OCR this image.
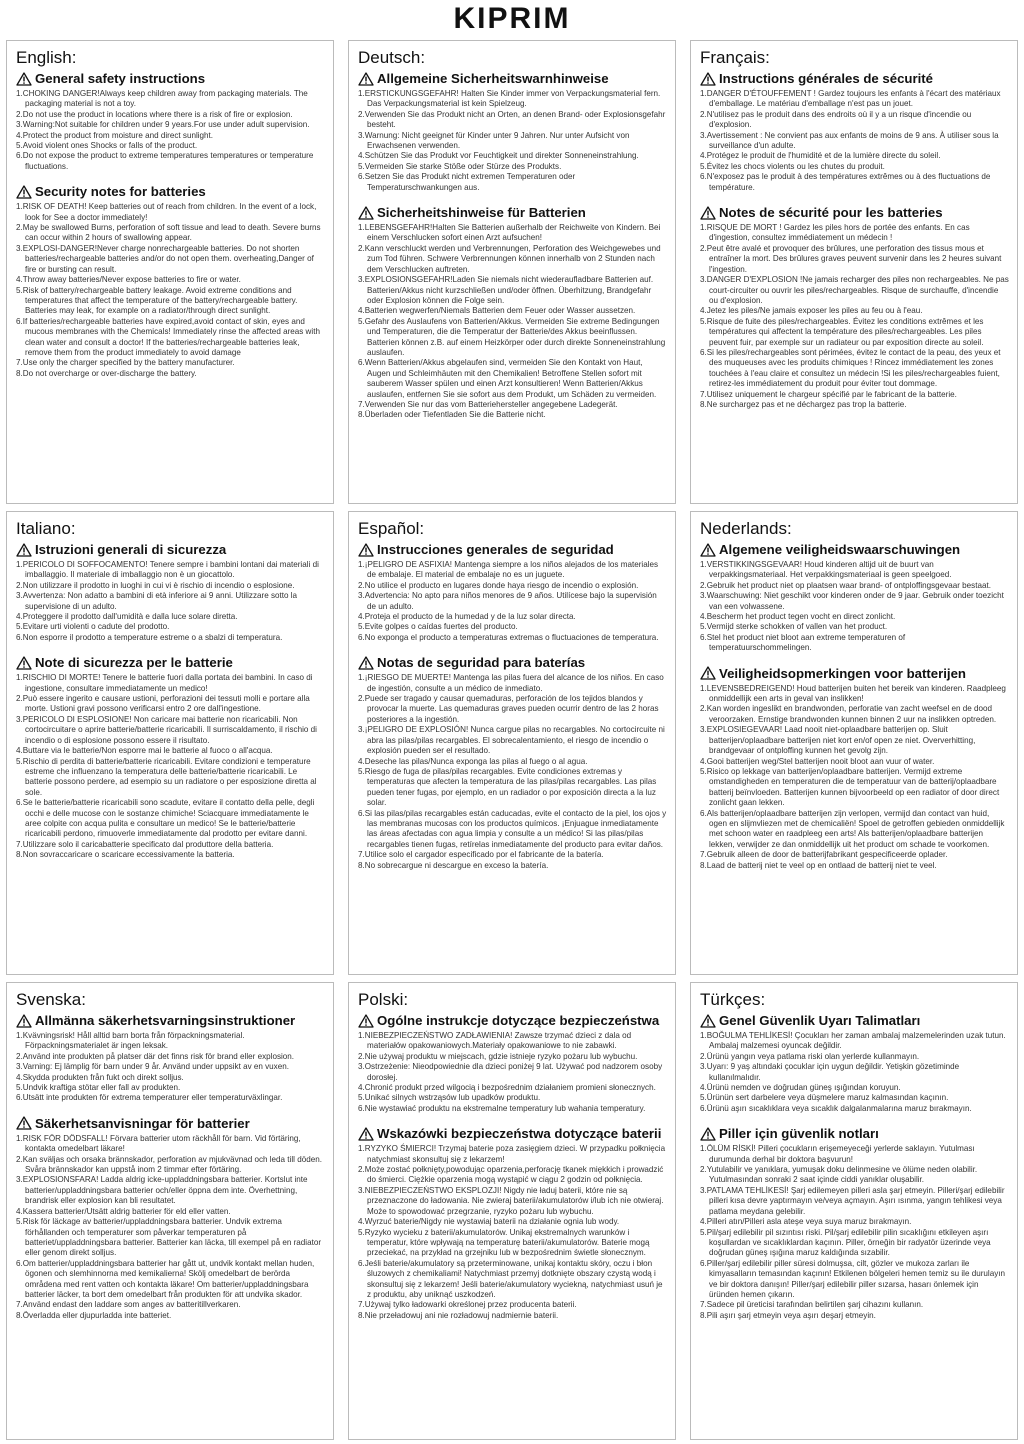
KIPRIM
English:
General safety instructions
1.CHOKING DANGER!Always keep children away from packaging materials. The packaging material is not a toy.
2.Do not use the product in locations where there is a risk of fire or explosion.
3.Warning:Not suitable for children under 9 years.For use under adult supervision.
4.Protect the product from moisture and direct sunlight.
5.Avoid violent ones Shocks or falls of the product.
6.Do not expose the product to extreme temperatures temperatures or temperature fluctuations.
Security notes for batteries
1.RISK OF DEATH! Keep batteries out of reach from children. In the event of a lock, look for See a doctor immediately!
2.May be swallowed Burns, perforation of soft tissue and lead to death. Severe burns can occur within 2 hours of swallowing appear.
3.EXPLOSI-DANGER!Never charge nonrechargeable batteries. Do not shorten batteries/rechargeable batteries and/or do not open them. overheating,Danger of fire or bursting can result.
4.Throw away batteries/Never expose batteries to fire or water.
5.Risk of battery/rechargeable battery leakage. Avoid extreme conditions and temperatures that affect the temperature of the battery/rechargeable battery. Batteries may leak, for example on a radiator/through direct sunlight.
6.If batteries/rechargeable batteries have expired,avoid contact of skin, eyes and mucous membranes with the Chemicals! Immediately rinse the affected areas with clean water and consult a doctor! If the batteries/rechargeable batteries leak, remove them from the product immediately to avoid damage
7.Use only the charger specified by the battery manufacturer.
8.Do not overcharge or over-discharge the battery.
Deutsch:
Allgemeine Sicherheitswarnhinweise
1.ERSTICKUNGSGEFAHR! Halten Sie Kinder immer von Verpackungsmaterial fern. Das Verpackungsmaterial ist kein Spielzeug.
2.Verwenden Sie das Produkt nicht an Orten, an denen Brand- oder Explosionsgefahr besteht.
3.Warnung: Nicht geeignet für Kinder unter 9 Jahren. Nur unter Aufsicht von Erwachsenen verwenden.
4.Schützen Sie das Produkt vor Feuchtigkeit und direkter Sonneneinstrahlung.
5.Vermeiden Sie starke Stöße oder Stürze des Produkts.
6.Setzen Sie das Produkt nicht extremen Temperaturen oder Temperaturschwankungen aus.
Sicherheitshinweise für Batterien
1.LEBENSGEFAHR!Halten Sie Batterien außerhalb der Reichweite von Kindern. Bei einem Verschlucken sofort einen Arzt aufsuchen!
2.Kann verschluckt werden und Verbrennungen, Perforation des Weichgewebes und zum Tod führen. Schwere Verbrennungen können innerhalb von 2 Stunden nach dem Verschlucken auftreten.
3.EXPLOSIONSGEFAHR!Laden Sie niemals nicht wiederaufladbare Batterien auf. Batterien/Akkus nicht kurzschließen und/oder öffnen. Überhitzung, Brandgefahr oder Explosion können die Folge sein.
4.Batterien wegwerfen/Niemals Batterien dem Feuer oder Wasser aussetzen.
5.Gefahr des Auslaufens von Batterien/Akkus. Vermeiden Sie extreme Bedingungen und Temperaturen, die die Temperatur der Batterie/des Akkus beeinflussen. Batterien können z.B. auf einem Heizkörper oder durch direkte Sonneneinstrahlung auslaufen.
6.Wenn Batterien/Akkus abgelaufen sind, vermeiden Sie den Kontakt von Haut, Augen und Schleimhäuten mit den Chemikalien! Betroffene Stellen sofort mit sauberem Wasser spülen und einen Arzt konsultieren! Wenn Batterien/Akkus auslaufen, entfernen Sie sie sofort aus dem Produkt, um Schäden zu vermeiden.
7.Verwenden Sie nur das vom Batteriehersteller angegebene Ladegerät.
8.Überladen oder Tiefentladen Sie die Batterie nicht.
Français:
Instructions générales de sécurité
1.DANGER D'ÉTOUFFEMENT ! Gardez toujours les enfants à l'écart des matériaux d'emballage. Le matériau d'emballage n'est pas un jouet.
2.N'utilisez pas le produit dans des endroits où il y a un risque d'incendie ou d'explosion.
3.Avertissement : Ne convient pas aux enfants de moins de 9 ans. À utiliser sous la surveillance d'un adulte.
4.Protégez le produit de l'humidité et de la lumière directe du soleil.
5.Évitez les chocs violents ou les chutes du produit.
6.N'exposez pas le produit à des températures extrêmes ou à des fluctuations de température.
Notes de sécurité pour les batteries
1.RISQUE DE MORT ! Gardez les piles hors de portée des enfants. En cas d'ingestion, consultez immédiatement un médecin !
2.Peut être avalé et provoquer des brûlures, une perforation des tissus mous et entraîner la mort. Des brûlures graves peuvent survenir dans les 2 heures suivant l'ingestion.
3.DANGER D'EXPLOSION !Ne jamais recharger des piles non rechargeables. Ne pas court-circuiter ou ouvrir les piles/rechargeables. Risque de surchauffe, d'incendie ou d'explosion.
4.Jetez les piles/Ne jamais exposer les piles au feu ou à l'eau.
5.Risque de fuite des piles/rechargeables. Évitez les conditions extrêmes et les températures qui affectent la température des piles/rechargeables. Les piles peuvent fuir, par exemple sur un radiateur ou par exposition directe au soleil.
6.Si les piles/rechargeables sont périmées, évitez le contact de la peau, des yeux et des muqueuses avec les produits chimiques ! Rincez immédiatement les zones touchées à l'eau claire et consultez un médecin !Si les piles/rechargeables fuient, retirez-les immédiatement du produit pour éviter tout dommage.
7.Utilisez uniquement le chargeur spécifié par le fabricant de la batterie.
8.Ne surchargez pas et ne déchargez pas trop la batterie.
Italiano:
Istruzioni generali di sicurezza
1.PERICOLO DI SOFFOCAMENTO! Tenere sempre i bambini lontani dai materiali di imballaggio. Il materiale di imballaggio non è un giocattolo.
2.Non utilizzare il prodotto in luoghi in cui vi è rischio di incendio o esplosione.
3.Avvertenza: Non adatto a bambini di età inferiore ai 9 anni. Utilizzare sotto la supervisione di un adulto.
4.Proteggere il prodotto dall'umidità e dalla luce solare diretta.
5.Evitare urti violenti o cadute del prodotto.
6.Non esporre il prodotto a temperature estreme o a sbalzi di temperatura.
Note di sicurezza per le batterie
1.RISCHIO DI MORTE! Tenere le batterie fuori dalla portata dei bambini. In caso di ingestione, consultare immediatamente un medico!
2.Può essere ingerito e causare ustioni, perforazioni dei tessuti molli e portare alla morte. Ustioni gravi possono verificarsi entro 2 ore dall'ingestione.
3.PERICOLO DI ESPLOSIONE! Non caricare mai batterie non ricaricabili. Non cortocircuitare o aprire batterie/batterie ricaricabili. Il surriscaldamento, il rischio di incendio o di esplosione possono essere il risultato.
4.Buttare via le batterie/Non esporre mai le batterie al fuoco o all'acqua.
5.Rischio di perdita di batterie/batterie ricaricabili. Evitare condizioni e temperature estreme che influenzano la temperatura delle batterie/batterie ricaricabili. Le batterie possono perdere, ad esempio su un radiatore o per esposizione diretta al sole.
6.Se le batterie/batterie ricaricabili sono scadute, evitare il contatto della pelle, degli occhi e delle mucose con le sostanze chimiche! Sciacquare immediatamente le aree colpite con acqua pulita e consultare un medico! Se le batterie/batterie ricaricabili perdono, rimuoverle immediatamente dal prodotto per evitare danni.
7.Utilizzare solo il caricabatterie specificato dal produttore della batteria.
8.Non sovraccaricare o scaricare eccessivamente la batteria.
Español:
Instrucciones generales de seguridad
1.¡PELIGRO DE ASFIXIA! Mantenga siempre a los niños alejados de los materiales de embalaje. El material de embalaje no es un juguete.
2.No utilice el producto en lugares donde haya riesgo de incendio o explosión.
3.Advertencia: No apto para niños menores de 9 años. Utilícese bajo la supervisión de un adulto.
4.Proteja el producto de la humedad y de la luz solar directa.
5.Evite golpes o caídas fuertes del producto.
6.No exponga el producto a temperaturas extremas o fluctuaciones de temperatura.
Notas de seguridad para baterías
1.¡RIESGO DE MUERTE! Mantenga las pilas fuera del alcance de los niños. En caso de ingestión, consulte a un médico de inmediato.
2.Puede ser tragado y causar quemaduras, perforación de los tejidos blandos y provocar la muerte. Las quemaduras graves pueden ocurrir dentro de las 2 horas posteriores a la ingestión.
3.¡PELIGRO DE EXPLOSIÓN! Nunca cargue pilas no recargables. No cortocircuite ni abra las pilas/pilas recargables. El sobrecalentamiento, el riesgo de incendio o explosión pueden ser el resultado.
4.Deseche las pilas/Nunca exponga las pilas al fuego o al agua.
5.Riesgo de fuga de pilas/pilas recargables. Evite condiciones extremas y temperaturas que afecten la temperatura de las pilas/pilas recargables. Las pilas pueden tener fugas, por ejemplo, en un radiador o por exposición directa a la luz solar.
6.Si las pilas/pilas recargables están caducadas, evite el contacto de la piel, los ojos y las membranas mucosas con los productos químicos. ¡Enjuague inmediatamente las áreas afectadas con agua limpia y consulte a un médico! Si las pilas/pilas recargables tienen fugas, retírelas inmediatamente del producto para evitar daños.
7.Utilice solo el cargador especificado por el fabricante de la batería.
8.No sobrecargue ni descargue en exceso la batería.
Nederlands:
Algemene veiligheidswaarschuwingen
1.VERSTIKKINGSGEVAAR! Houd kinderen altijd uit de buurt van verpakkingsmateriaal. Het verpakkingsmateriaal is geen speelgoed.
2.Gebruik het product niet op plaatsen waar brand- of ontploffingsgevaar bestaat.
3.Waarschuwing: Niet geschikt voor kinderen onder de 9 jaar. Gebruik onder toezicht van een volwassene.
4.Bescherm het product tegen vocht en direct zonlicht.
5.Vermijd sterke schokken of vallen van het product.
6.Stel het product niet bloot aan extreme temperaturen of temperatuurschommelingen.
Veiligheidsopmerkingen voor batterijen
1.LEVENSBEDREIGEND! Houd batterijen buiten het bereik van kinderen. Raadpleeg onmiddellijk een arts in geval van inslikken!
2.Kan worden ingeslikt en brandwonden, perforatie van zacht weefsel en de dood veroorzaken. Ernstige brandwonden kunnen binnen 2 uur na inslikken optreden.
3.EXPLOSIEGEVAAR! Laad nooit niet-oplaadbare batterijen op. Sluit batterijen/oplaadbare batterijen niet kort en/of open ze niet. Oververhitting, brandgevaar of ontploffing kunnen het gevolg zijn.
4.Gooi batterijen weg/Stel batterijen nooit bloot aan vuur of water.
5.Risico op lekkage van batterijen/oplaadbare batterijen. Vermijd extreme omstandigheden en temperaturen die de temperatuur van de batterij/oplaadbare batterij beïnvloeden. Batterijen kunnen bijvoorbeeld op een radiator of door direct zonlicht gaan lekken.
6.Als batterijen/oplaadbare batterijen zijn verlopen, vermijd dan contact van huid, ogen en slijmvliezen met de chemicaliën! Spoel de getroffen gebieden onmiddellijk met schoon water en raadpleeg een arts! Als batterijen/oplaadbare batterijen lekken, verwijder ze dan onmiddellijk uit het product om schade te voorkomen.
7.Gebruik alleen de door de batterijfabrikant gespecificeerde oplader.
8.Laad de batterij niet te veel op en ontlaad de batterij niet te veel.
Svenska:
Allmänna säkerhetsvarningsinstruktioner
1.Kvävningsrisk! Håll alltid barn borta från förpackningsmaterial. Förpackningsmaterialet är ingen leksak.
2.Använd inte produkten på platser där det finns risk för brand eller explosion.
3.Varning: Ej lämplig för barn under 9 år. Använd under uppsikt av en vuxen.
4.Skydda produkten från fukt och direkt solljus.
5.Undvik kraftiga stötar eller fall av produkten.
6.Utsätt inte produkten för extrema temperaturer eller temperaturväxlingar.
Säkerhetsanvisningar för batterier
1.RISK FÖR DÖDSFALL! Förvara batterier utom räckhåll för barn. Vid förtäring, kontakta omedelbart läkare!
2.Kan sväljas och orsaka brännskador, perforation av mjukvävnad och leda till döden. Svåra brännskador kan uppstå inom 2 timmar efter förtäring.
3.EXPLOSIONSFARA! Ladda aldrig icke-uppladdningsbara batterier. Kortslut inte batterier/uppladdningsbara batterier och/eller öppna dem inte. Överhettning, brandrisk eller explosion kan bli resultatet.
4.Kassera batterier/Utsätt aldrig batterier för eld eller vatten.
5.Risk för läckage av batterier/uppladdningsbara batterier. Undvik extrema förhållanden och temperaturer som påverkar temperaturen på batteriet/uppladdningsbara batterier. Batterier kan läcka, till exempel på en radiator eller genom direkt solljus.
6.Om batterier/uppladdningsbara batterier har gått ut, undvik kontakt mellan huden, ögonen och slemhinnorna med kemikalierna! Skölj omedelbart de berörda områdena med rent vatten och kontakta läkare! Om batterier/uppladdningsbara batterier läcker, ta bort dem omedelbart från produkten för att undvika skador.
7.Använd endast den laddare som anges av batteritillverkaren.
8.Överladda eller djupurladda inte batteriet.
Polski:
Ogólne instrukcje dotyczące bezpieczeństwa
1.NIEBEZPIECZEŃSTWO ZADŁAWIENIA! Zawsze trzymać dzieci z dala od materiałów opakowaniowych.Materiały opakowaniowe to nie zabawki.
2.Nie używaj produktu w miejscach, gdzie istnieje ryzyko pożaru lub wybuchu.
3.Ostrzeżenie: Nieodpowiednie dla dzieci poniżej 9 lat. Używać pod nadzorem osoby dorosłej.
4.Chronić produkt przed wilgocią i bezpośrednim działaniem promieni słonecznych.
5.Unikać silnych wstrząsów lub upadków produktu.
6.Nie wystawiać produktu na ekstremalne temperatury lub wahania temperatury.
Wskazówki bezpieczeństwa dotyczące baterii
1.RYZYKO ŚMIERCI! Trzymaj baterie poza zasięgiem dzieci. W przypadku połknięcia natychmiast skonsultuj się z lekarzem!
2.Może zostać połknięty,powodując oparzenia,perforację tkanek miękkich i prowadzić do śmierci. Ciężkie oparzenia mogą wystąpić w ciągu 2 godzin od połknięcia.
3.NIEBEZPIECZEŃSTWO EKSPLOZJI! Nigdy nie ładuj baterii, które nie są przeznaczone do ładowania. Nie zwieraj baterii/akumulatorów i/lub ich nie otwieraj. Może to spowodować przegrzanie, ryzyko pożaru lub wybuchu.
4.Wyrzuć baterie/Nigdy nie wystawiaj baterii na działanie ognia lub wody.
5.Ryzyko wycieku z baterii/akumulatorów. Unikaj ekstremalnych warunków i temperatur, które wpływają na temperaturę baterii/akumulatorów. Baterie mogą przeciekać, na przykład na grzejniku lub w bezpośrednim świetle słonecznym.
6.Jeśli baterie/akumulatory są przeterminowane, unikaj kontaktu skóry, oczu i błon śluzowych z chemikaliami! Natychmiast przemyj dotknięte obszary czystą wodą i skonsultuj się z lekarzem! Jeśli baterie/akumulatory wyciekną, natychmiast usuń je z produktu, aby uniknąć uszkodzeń.
7.Używaj tylko ładowarki określonej przez producenta baterii.
8.Nie przeładowuj ani nie rozładowuj nadmiernie baterii.
Türkçes:
Genel Güvenlik Uyarı Talimatları
1.BOĞULMA TEHLİKESİ! Çocukları her zaman ambalaj malzemelerinden uzak tutun. Ambalaj malzemesi oyuncak değildir.
2.Ürünü yangın veya patlama riski olan yerlerde kullanmayın.
3.Uyarı: 9 yaş altındaki çocuklar için uygun değildir. Yetişkin gözetiminde kullanılmalıdır.
4.Ürünü nemden ve doğrudan güneş ışığından koruyun.
5.Ürünün sert darbelere veya düşmelere maruz kalmasından kaçının.
6.Ürünü aşırı sıcaklıklara veya sıcaklık dalgalanmalarına maruz bırakmayın.
Piller için güvenlik notları
1.ÖLÜM RİSKİ! Pilleri çocukların erişemeyeceği yerlerde saklayın. Yutulması durumunda derhal bir doktora başvurun!
2.Yutulabilir ve yanıklara, yumuşak doku delinmesine ve ölüme neden olabilir. Yutulmasından sonraki 2 saat içinde ciddi yanıklar oluşabilir.
3.PATLAMA TEHLİKESİ! Şarj edilemeyen pilleri asla şarj etmeyin. Pilleri/şarj edilebilir pilleri kısa devre yaptırmayın ve/veya açmayın. Aşırı ısınma, yangın tehlikesi veya patlama meydana gelebilir.
4.Pilleri atın/Pilleri asla ateşe veya suya maruz bırakmayın.
5.Pil/şarj edilebilir pil sızıntısı riski. Pil/şarj edilebilir pilin sıcaklığını etkileyen aşırı koşullardan ve sıcaklıklardan kaçının. Piller, örneğin bir radyatör üzerinde veya doğrudan güneş ışığına maruz kaldığında sızabilir.
6.Piller/şarj edilebilir piller süresi dolmuşsa, cilt, gözler ve mukoza zarları ile kimyasalların temasından kaçının! Etkilenen bölgeleri hemen temiz su ile durulayın ve bir doktora danışın! Piller/şarj edilebilir piller sızarsa, hasarı önlemek için üründen hemen çıkarın.
7.Sadece pil üreticisi tarafından belirtilen şarj cihazını kullanın.
8.Pili aşırı şarj etmeyin veya aşırı deşarj etmeyin.
